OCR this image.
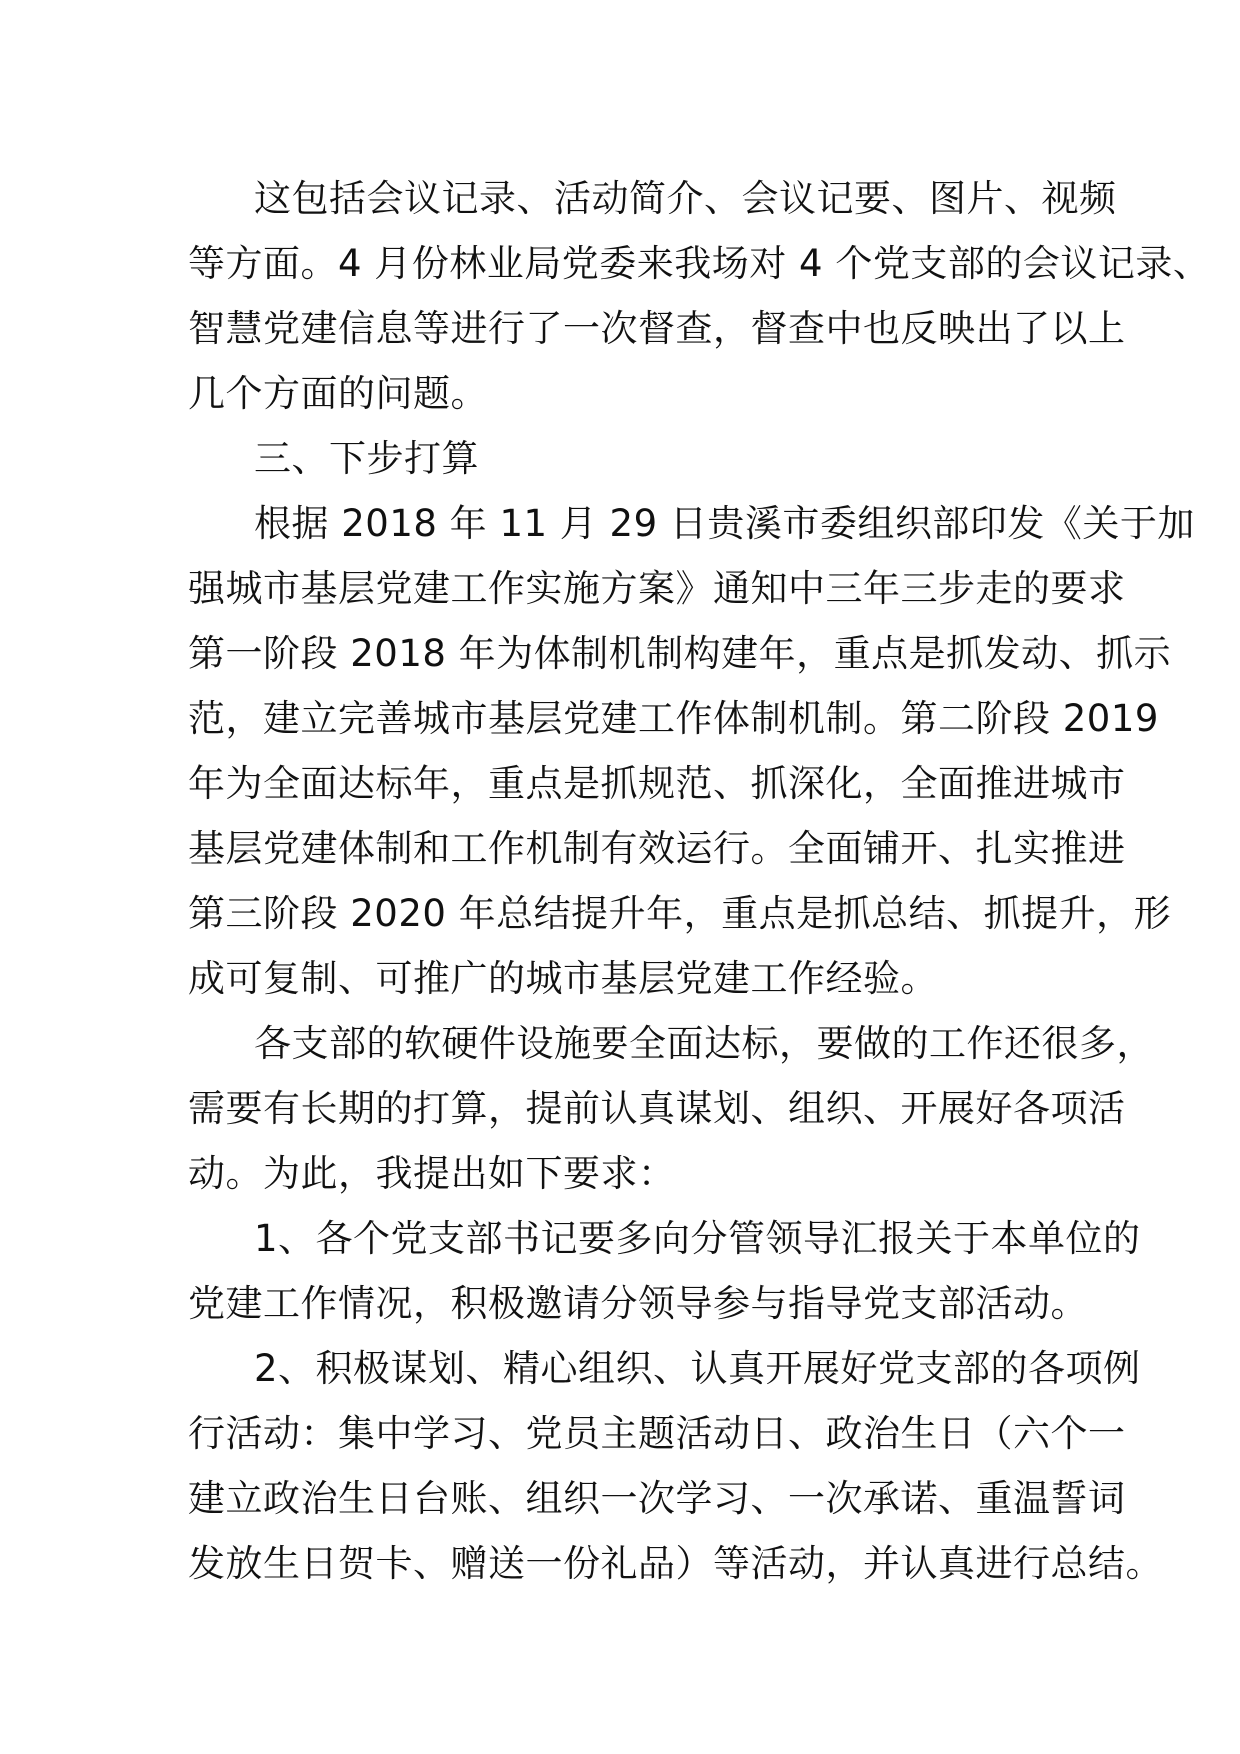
这包括会议记录、活动简介、会议记要、图片、视频
等方面。4 月份林业局党委来我场对 4 个党支部的会议记录、
智慧党建信息等进行了一次督查，督查中也反映出了以上
几个方面的问题。
三、下步打算
根据 2018 年 11 月 29 日贵溪市委组织部印发《关于加
强城市基层党建工作实施方案》通知中三年三步走的要求
第一阶段 2018 年为体制机制构建年，重点是抓发动、抓示
范，建立完善城市基层党建工作体制机制。第二阶段 2019
年为全面达标年，重点是抓规范、抓深化，全面推进城市
基层党建体制和工作机制有效运行。全面铺开、扎实推进
第三阶段 2020 年总结提升年，重点是抓总结、抓提升，形
成可复制、可推广的城市基层党建工作经验。
各支部的软硬件设施要全面达标，要做的工作还很多，
需要有长期的打算，提前认真谋划、组织、开展好各项活
动。为此，我提出如下要求：
1、各个党支部书记要多向分管领导汇报关于本单位的
党建工作情况，积极邀请分领导参与指导党支部活动。
2、积极谋划、精心组织、认真开展好党支部的各项例
行活动：集中学习、党员主题活动日、政治生日（六个一
建立政治生日台账、组织一次学习、一次承诺、重温誓词
发放生日贺卡、赠送一份礼品）等活动，并认真进行总结。
